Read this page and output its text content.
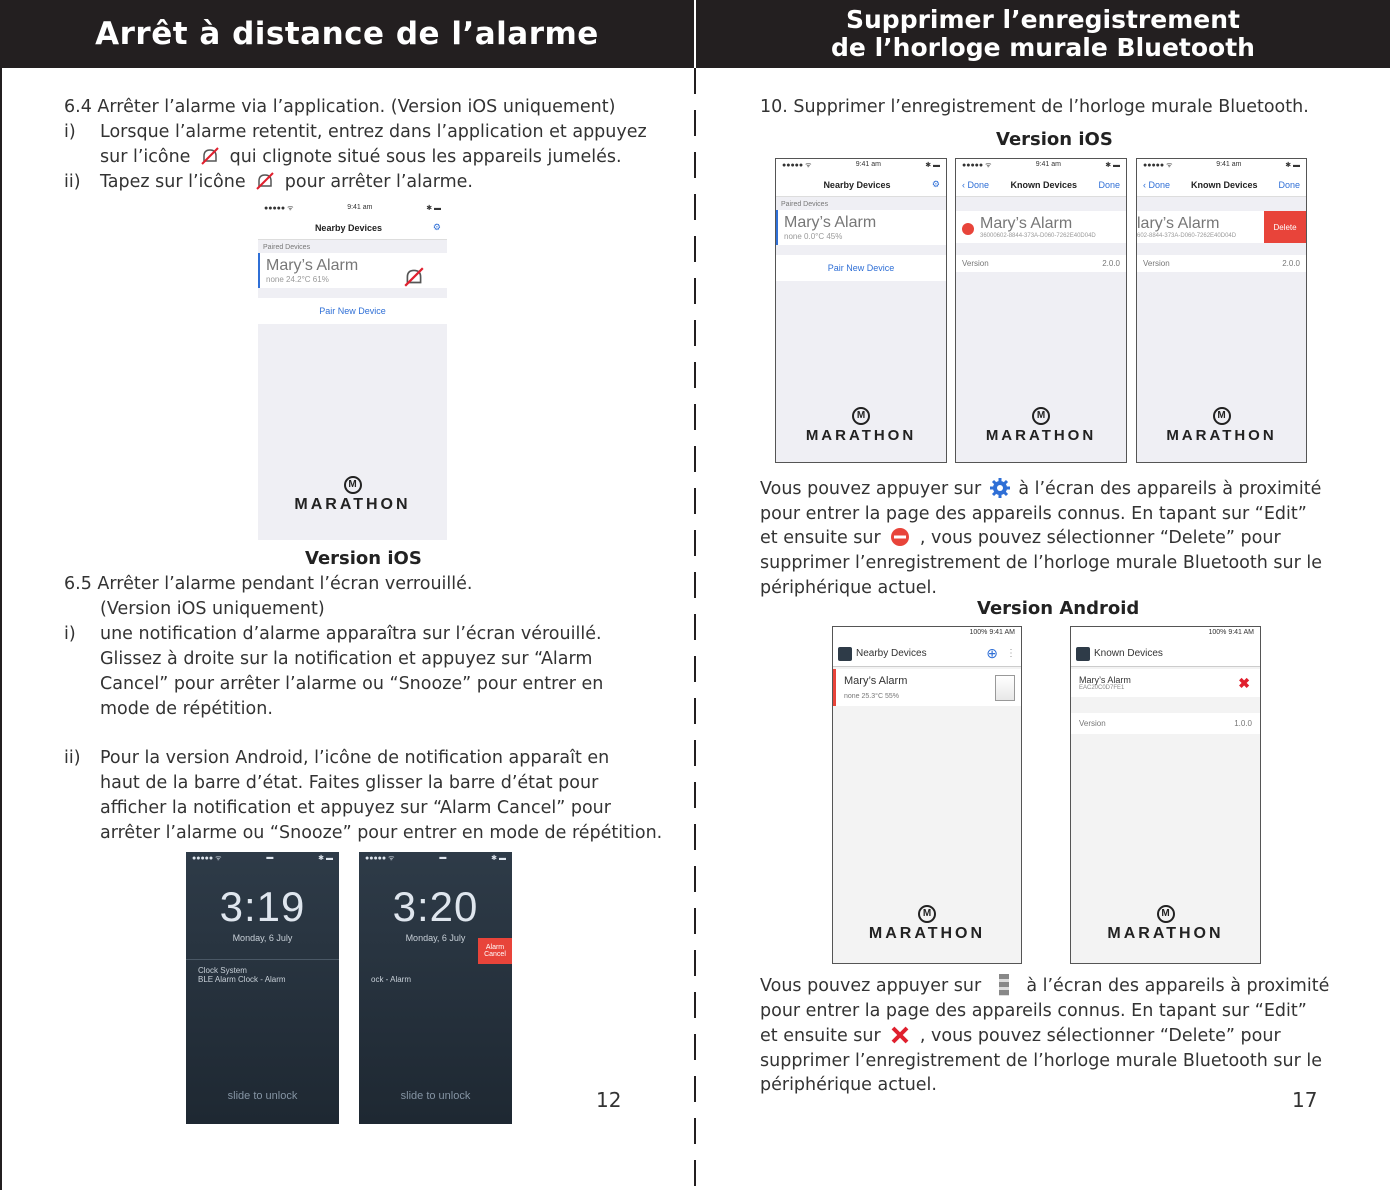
Arrêt à distance de l’alarme	Supprimer l’enregistrement
de l’horloge murale Bluetooth
6.4 Arrêter l’alarme via l’application. (Version iOS uniquement)
i) Lorsque l’alarme retentit, entrez dans l’application et appuyez
sur l’icône qui clignote situé sous les appareils jumelés.
ii) Tapez sur l’icône pour arrêter l’alarme.
●●●●● ᯤ	9:41 am	✱ ▬
Nearby Devices	⚙
Paired Devices
Mary’s Alarm
none 24.2°C 61%
Pair New Device
M
MARATHON
Version iOS
6.5 Arrêter l’alarme pendant l’écran verrouillé.
(Version iOS uniquement)
i) une notification d’alarme apparaîtra sur l’écran vérouillé.
Glissez à droite sur la notification et appuyez sur “Alarm
Cancel” pour arrêter l’alarme ou “Snooze” pour entrer en
mode de répétition.
ii) Pour la version Android, l’icône de notification apparaît en
haut de la barre d’état. Faites glisser la barre d’état pour
afficher la notification et appuyez sur “Alarm Cancel” pour
arrêter l’alarme ou “Snooze” pour entrer en mode de répétition.
●●●●● ᯤ	▬	✱ ▬
3:19
Monday, 6 July
Clock System
BLE Alarm Clock - Alarm
slide to unlock
●●●●● ᯤ	▬	✱ ▬
3:20
Monday, 6 July
ock - Alarm
Alarm Cancel
slide to unlock	12
10. Supprimer l’enregistrement de l’horloge murale Bluetooth.
Version iOS
●●●●● ᯤ	9:41 am	✱ ▬
Nearby Devices	⚙
Paired Devices
Mary’s Alarm
none 0.0°C 45%
Pair New Device
M
MARATHON
●●●●● ᯤ	9:41 am	✱ ▬
‹ Done Known Devices Done
Mary’s Alarm
36000602-8844-373A-D060-7262E40D04D
Version	2.0.0
M
MARATHON
●●●●● ᯤ	9:41 am	✱ ▬
‹ Done Known Devices Done
lary’s Alarm
602-8844-373A-D060-7262E40D04D
Delete
Version	2.0.0
M
MARATHON
Vous pouvez appuyer sur à l’écran des appareils à proximité
pour entrer la page des appareils connus. En tapant sur “Edit”
et ensuite sur , vous pouvez sélectionner “Delete” pour
supprimer l’enregistrement de l’horloge murale Bluetooth sur le
périphérique actuel.
Version Android
100% 9:41 AM
Nearby Devices	⊕ ⋮
Mary’s Alarm
none 25.3°C 55%
M
MARATHON
100% 9:41 AM
Known Devices
Mary’s Alarm
EAC20C0D7FE1	✖
Version	1.0.0
M
MARATHON
Vous pouvez appuyer sur	à l’écran des appareils à proximité
pour entrer la page des appareils connus. En tapant sur “Edit”
et ensuite sur , vous pouvez sélectionner “Delete” pour
supprimer l’enregistrement de l’horloge murale Bluetooth sur le
périphérique actuel.
17
